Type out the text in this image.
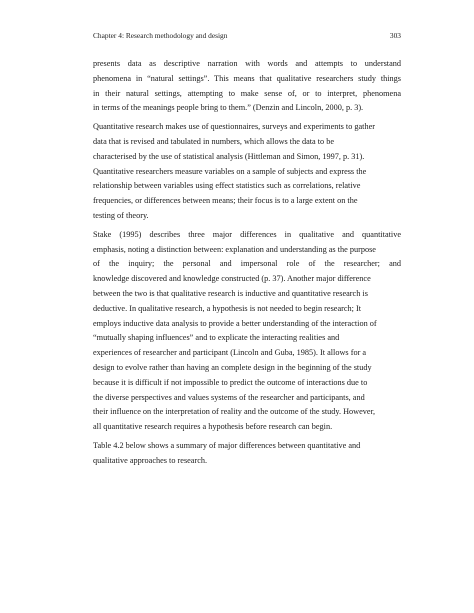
Chapter 4: Research methodology and design	303

presents data as descriptive narration with words and attempts to understand
phenomena in “natural settings”. This means that qualitative researchers study things
in their natural settings, attempting to make sense of, or to interpret, phenomena
in terms of the meanings people bring to them.” (Denzin and Lincoln, 2000, p. 3).

Quantitative research makes use of questionnaires, surveys and experiments to gather
data that is revised and tabulated in numbers, which allows the data to be
characterised by the use of statistical analysis (Hittleman and Simon, 1997, p. 31).
Quantitative researchers measure variables on a sample of subjects and express the
relationship between variables using effect statistics such as correlations, relative
frequencies, or differences between means; their focus is to a large extent on the
testing of theory.

Stake (1995) describes three major differences in qualitative and quantitative
emphasis, noting a distinction between: explanation and understanding as the purpose
of the inquiry; the personal and impersonal role of the researcher; and
knowledge discovered and knowledge constructed (p. 37). Another major difference
between the two is that qualitative research is inductive and quantitative research is
deductive. In qualitative research, a hypothesis is not needed to begin research; It
employs inductive data analysis to provide a better understanding of the interaction of
“mutually shaping influences” and to explicate the interacting realities and
experiences of researcher and participant (Lincoln and Guba, 1985). It allows for a
design to evolve rather than having an complete design in the beginning of the study
because it is difficult if not impossible to predict the outcome of interactions due to
the diverse perspectives and values systems of the researcher and participants, and
their influence on the interpretation of reality and the outcome of the study. However,
all quantitative research requires a hypothesis before research can begin.

Table 4.2 below shows a summary of major differences between quantitative and
qualitative approaches to research.
